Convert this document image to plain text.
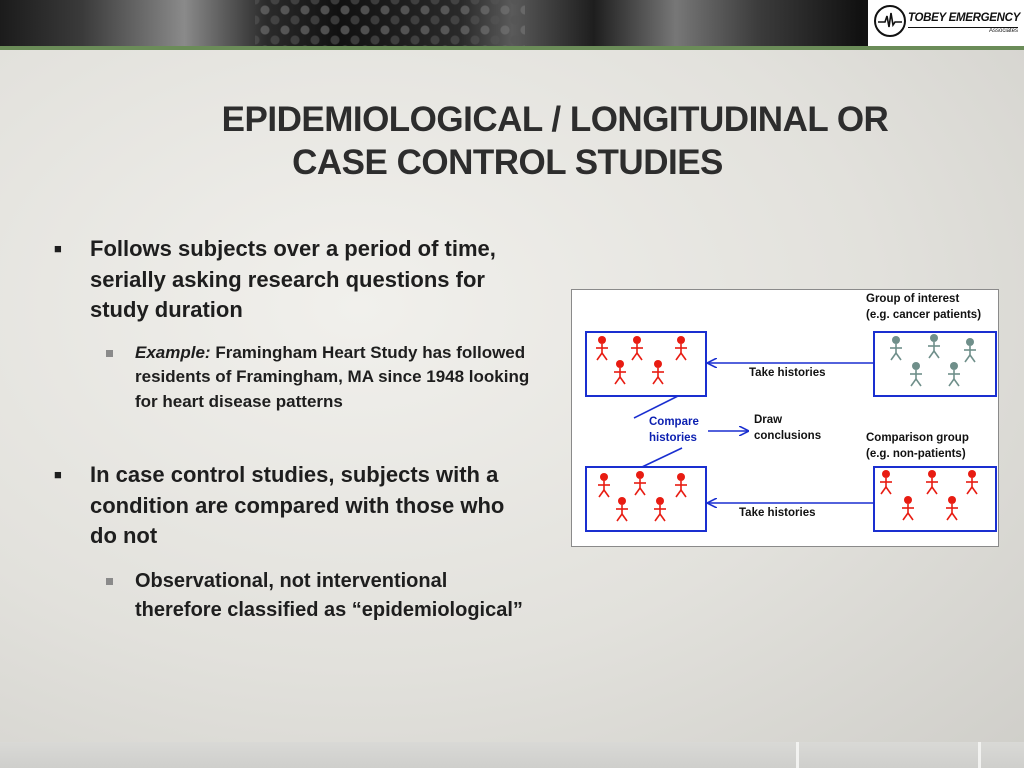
TOBEY EMERGENCY
Associates
EPIDEMIOLOGICAL / LONGITUDINAL OR
CASE CONTROL STUDIES
■ Follows subjects over a period of time, serially asking research questions for study duration
Example: Framingham Heart Study has followed residents of Framingham, MA since 1948 looking for heart disease patterns
■ In case control studies, subjects with a condition are compared with those who do not
Observational, not interventional therefore classified as “epidemiological”
Group of interest
(e.g. cancer patients)
Take histories
Compare
histories
Draw
conclusions	Comparison group
(e.g. non-patients)
Take histories
